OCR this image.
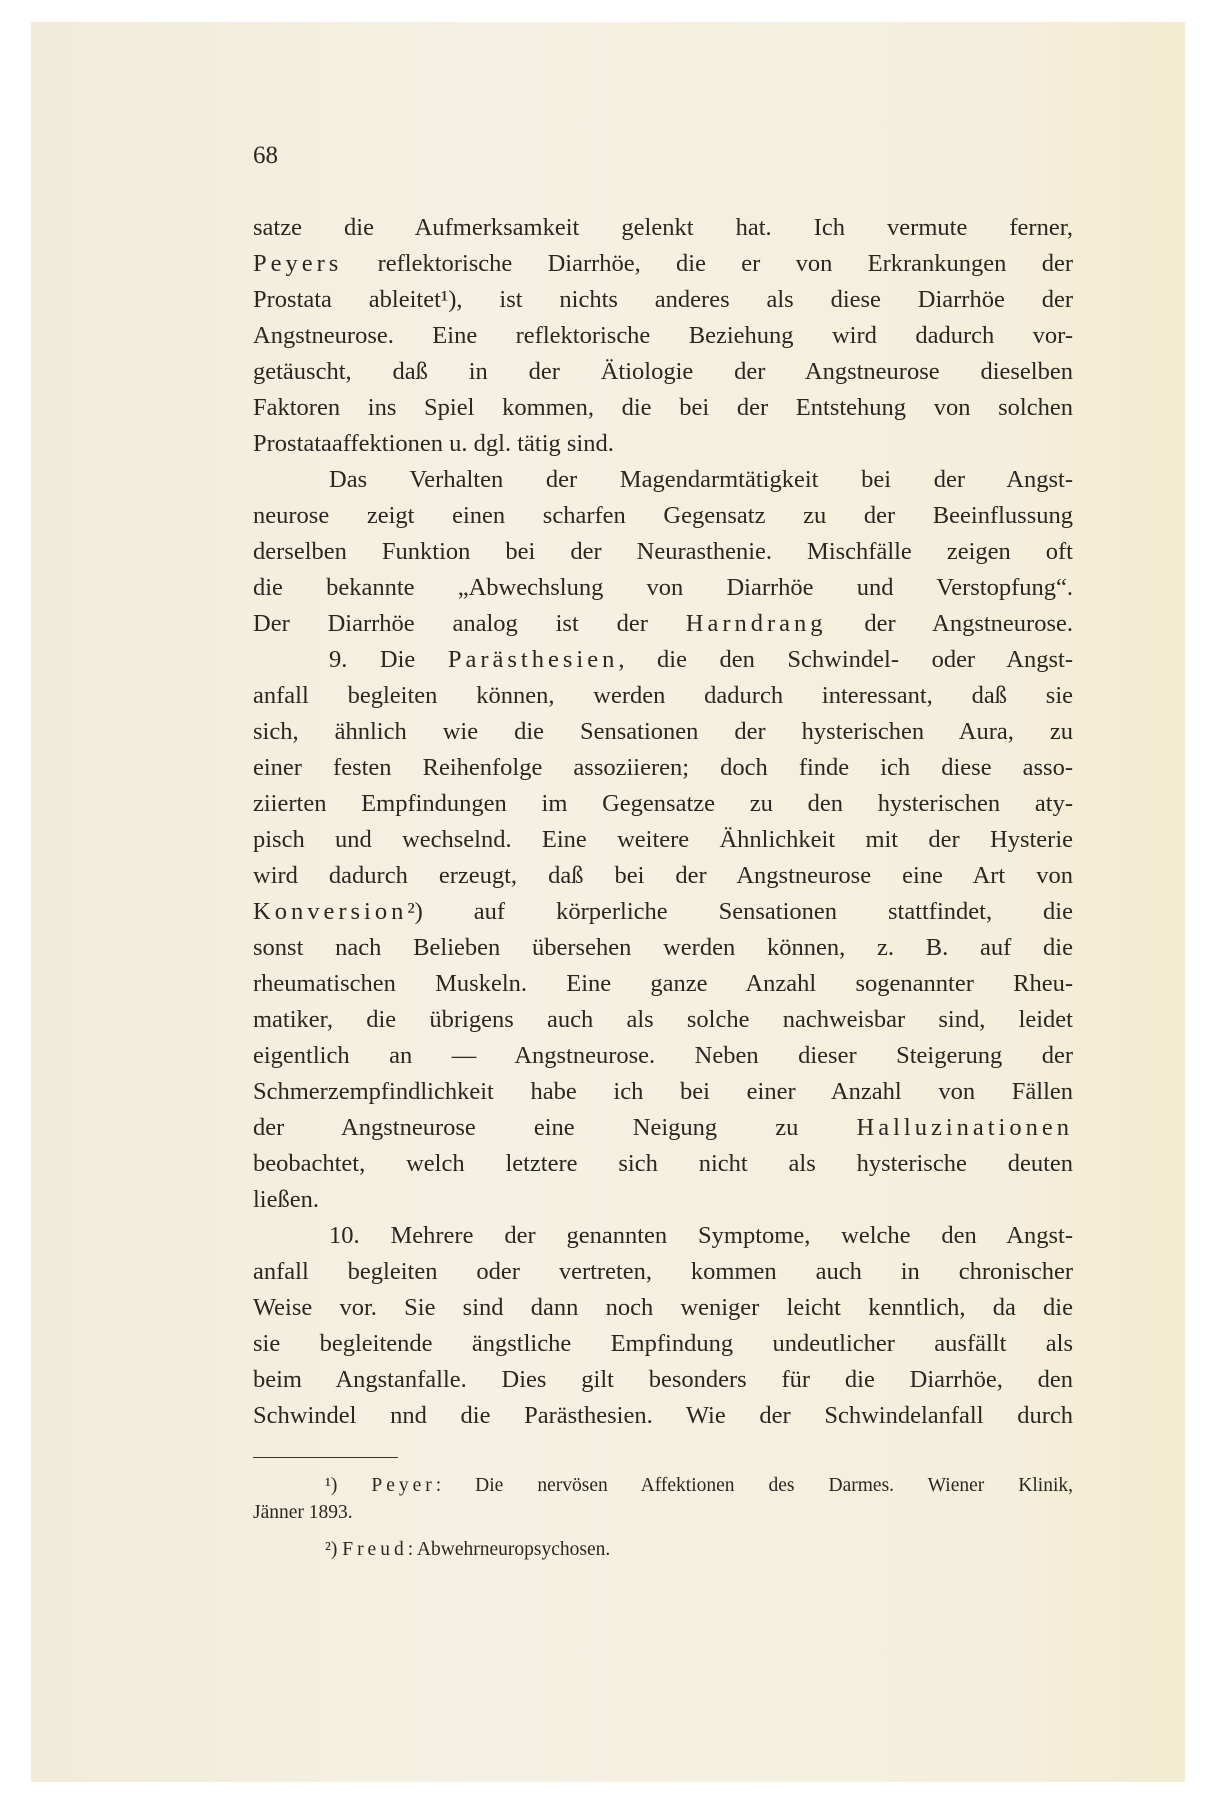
68
satze die Aufmerksamkeit gelenkt hat. Ich vermute ferner,
Peyers reflektorische Diarrhöe, die er von Erkrankungen der
Prostata ableitet¹), ist nichts anderes als diese Diarrhöe der
Angstneurose. Eine reflektorische Beziehung wird dadurch vor-
getäuscht, daß in der Ätiologie der Angstneurose dieselben
Faktoren ins Spiel kommen, die bei der Entstehung von solchen
Prostataaffektionen u. dgl. tätig sind.
Das Verhalten der Magendarmtätigkeit bei der Angst-
neurose zeigt einen scharfen Gegensatz zu der Beeinflussung
derselben Funktion bei der Neurasthenie. Mischfälle zeigen oft
die bekannte „Abwechslung von Diarrhöe und Verstopfung“.
Der Diarrhöe analog ist der Harndrang der Angstneurose.
9. Die Parästhesien, die den Schwindel- oder Angst-
anfall begleiten können, werden dadurch interessant, daß sie
sich, ähnlich wie die Sensationen der hysterischen Aura, zu
einer festen Reihenfolge assoziieren; doch finde ich diese asso-
ziierten Empfindungen im Gegensatze zu den hysterischen aty-
pisch und wechselnd. Eine weitere Ähnlichkeit mit der Hysterie
wird dadurch erzeugt, daß bei der Angstneurose eine Art von
Konversion²) auf körperliche Sensationen stattfindet, die
sonst nach Belieben übersehen werden können, z. B. auf die
rheumatischen Muskeln. Eine ganze Anzahl sogenannter Rheu-
matiker, die übrigens auch als solche nachweisbar sind, leidet
eigentlich an — Angstneurose. Neben dieser Steigerung der
Schmerzempfindlichkeit habe ich bei einer Anzahl von Fällen
der Angstneurose eine Neigung zu Halluzinationen
beobachtet, welch letztere sich nicht als hysterische deuten
ließen.
10. Mehrere der genannten Symptome, welche den Angst-
anfall begleiten oder vertreten, kommen auch in chronischer
Weise vor. Sie sind dann noch weniger leicht kenntlich, da die
sie begleitende ängstliche Empfindung undeutlicher ausfällt als
beim Angstanfalle. Dies gilt besonders für die Diarrhöe, den
Schwindel nnd die Parästhesien. Wie der Schwindelanfall durch
¹) Peyer: Die nervösen Affektionen des Darmes. Wiener Klinik,
Jänner 1893.
²) Freud: Abwehrneuropsychosen.
